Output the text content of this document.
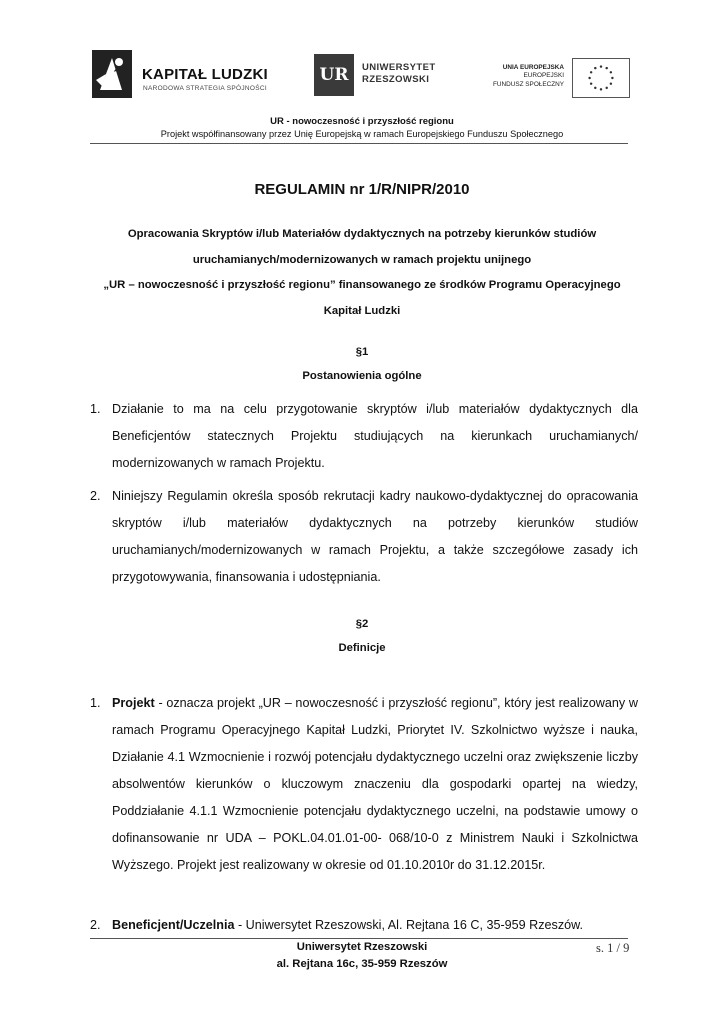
KAPITAŁ LUDZKI
NARODOWA STRATEGIA SPÓJNOŚCI
UR	UNIWERSYTET
RZESZOWSKI
UNIA EUROPEJSKA
EUROPEJSKI
FUNDUSZ SPOŁECZNY
UR - nowoczesność i przyszłość regionu
Projekt współfinansowany przez Unię Europejską w ramach Europejskiego Funduszu Społecznego
REGULAMIN nr 1/R/NIPR/2010
Opracowania Skryptów i/lub Materiałów dydaktycznych na potrzeby kierunków studiów
uruchamianych/modernizowanych w ramach projektu unijnego
„UR – nowoczesność i przyszłość regionu” finansowanego ze środków Programu Operacyjnego
Kapitał Ludzki
§1
Postanowienia ogólne
1. Działanie to ma na celu przygotowanie skryptów i/lub materiałów dydaktycznych dla Beneficjentów statecznych Projektu studiujących na kierunkach uruchamianych/ modernizowanych w ramach Projektu.
2. Niniejszy Regulamin określa sposób rekrutacji kadry naukowo-dydaktycznej do opracowania skryptów i/lub materiałów dydaktycznych na potrzeby kierunków studiów uruchamianych/modernizowanych w ramach Projektu, a także szczegółowe zasady ich przygotowywania, finansowania i udostępniania.
§2
Definicje
1. Projekt - oznacza projekt „UR – nowoczesność i przyszłość regionu”, który jest realizowany w ramach Programu Operacyjnego Kapitał Ludzki, Priorytet IV. Szkolnictwo wyższe i nauka, Działanie 4.1 Wzmocnienie i rozwój potencjału dydaktycznego uczelni oraz zwiększenie liczby absolwentów kierunków o kluczowym znaczeniu dla gospodarki opartej na wiedzy, Poddziałanie 4.1.1 Wzmocnienie potencjału dydaktycznego uczelni, na podstawie umowy o dofinansowanie nr UDA – POKL.04.01.01-00- 068/10-0 z Ministrem Nauki i Szkolnictwa Wyższego. Projekt jest realizowany w okresie od 01.10.2010r do 31.12.2015r.
2. Beneficjent/Uczelnia - Uniwersytet Rzeszowski, Al. Rejtana 16 C, 35-959 Rzeszów.
Uniwersytet Rzeszowski
al. Rejtana 16c, 35-959 Rzeszów
s. 1 / 9
